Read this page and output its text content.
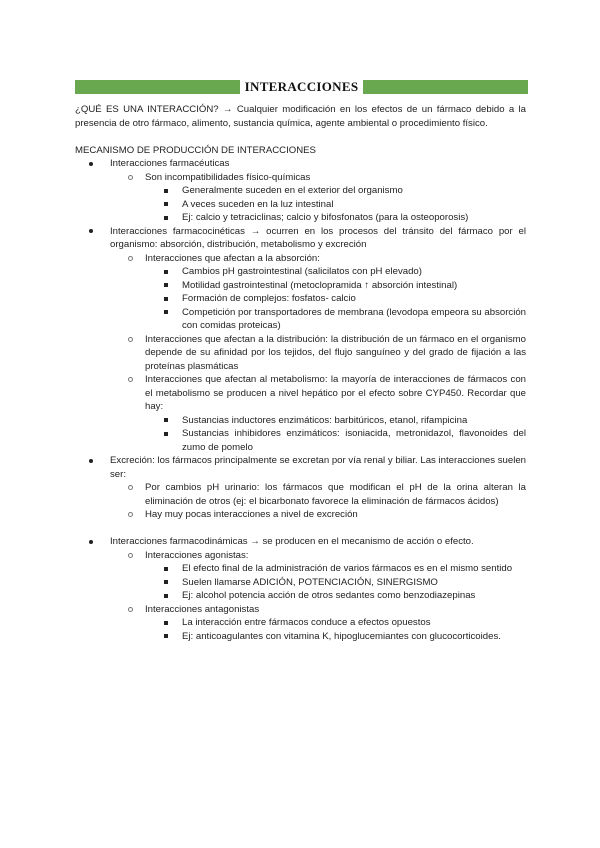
INTERACCIONES

¿QUÉ ES UNA INTERACCIÓN? → Cualquier modificación en los efectos de un fármaco debido a la presencia de otro fármaco, alimento, sustancia química, agente ambiental o procedimiento físico.

MECANISMO DE PRODUCCIÓN DE INTERACCIONES

Interacciones farmacéuticas
Son incompatibilidades físico-químicas
Generalmente suceden en el exterior del organismo
A veces suceden en la luz intestinal
Ej: calcio y tetraciclinas; calcio y bifosfonatos (para la osteoporosis)
Interacciones farmacocinéticas → ocurren en los procesos del tránsito del fármaco por el organismo: absorción, distribución, metabolismo y excreción
Interacciones que afectan a la absorción:
Cambios pH gastrointestinal (salicilatos con pH elevado)
Motilidad gastrointestinal (metoclopramida ↑ absorción intestinal)
Formación de complejos: fosfatos- calcio
Competición por transportadores de membrana (levodopa empeora su absorción con comidas proteicas)
Interacciones que afectan a la distribución: la distribución de un fármaco en el organismo depende de su afinidad por los tejidos, del flujo sanguíneo y del grado de fijación a las proteínas plasmáticas
Interacciones que afectan al metabolismo: la mayoría de interacciones de fármacos con el metabolismo se producen a nivel hepático por el efecto sobre CYP450. Recordar que hay:
Sustancias inductores enzimáticos: barbitúricos, etanol, rifampicina
Sustancias inhibidores enzimáticos: isoniacida, metronidazol, flavonoides del zumo de pomelo
Excreción: los fármacos principalmente se excretan por vía renal y biliar. Las interacciones suelen ser:
Por cambios pH urinario: los fármacos que modifican el pH de la orina alteran la eliminación de otros (ej: el bicarbonato favorece la eliminación de fármacos ácidos)
Hay muy pocas interacciones a nivel de excreción
Interacciones farmacodinámicas → se producen en el mecanismo de acción o efecto.
Interacciones agonistas:
El efecto final de la administración de varios fármacos es en el mismo sentido
Suelen llamarse ADICIÓN, POTENCIACIÓN, SINERGISMO
Ej: alcohol potencia acción de otros sedantes como benzodiazepinas
Interacciones antagonistas
La interacción entre fármacos conduce a efectos opuestos
Ej: anticoagulantes con vitamina K, hipoglucemiantes con glucocorticoides.
